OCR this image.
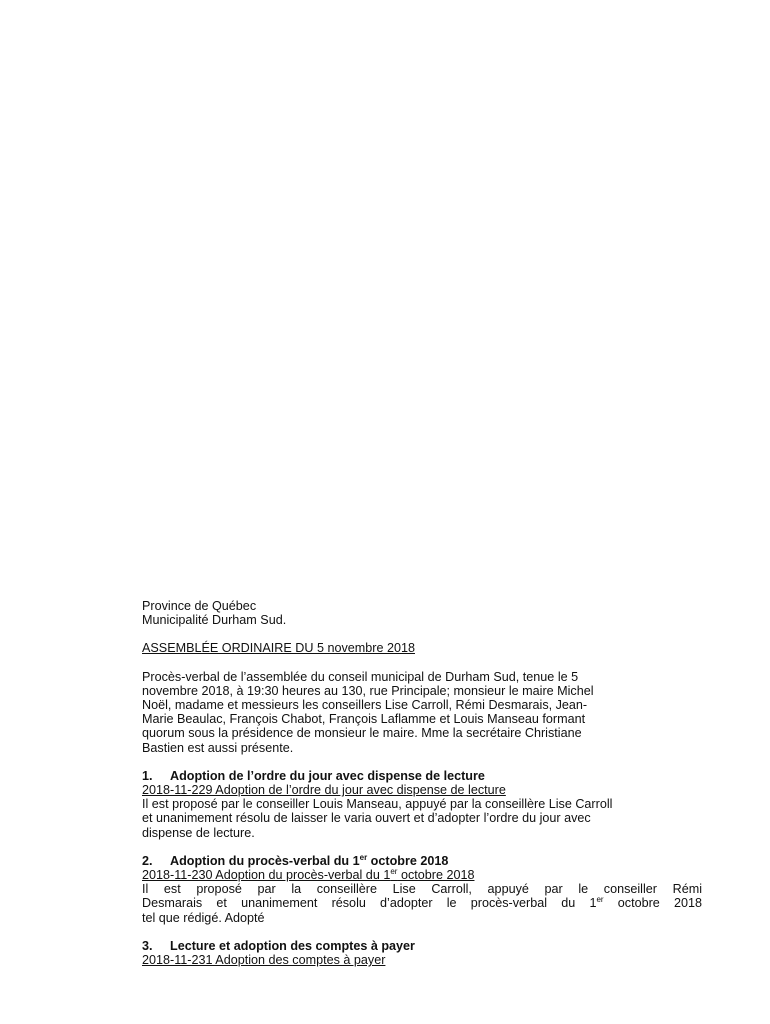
Province de Québec
Municipalité Durham Sud.
ASSEMBLÉE ORDINAIRE DU 5 novembre 2018
Procès-verbal de l’assemblée du conseil municipal de Durham Sud, tenue le 5
novembre 2018, à 19:30 heures au 130, rue Principale; monsieur le maire Michel
Noël, madame et messieurs les conseillers Lise Carroll, Rémi Desmarais, Jean-
Marie Beaulac, François Chabot, François Laflamme et Louis Manseau formant
quorum sous la présidence de monsieur le maire. Mme la secrétaire Christiane
Bastien est aussi présente.
1. Adoption de l’ordre du jour avec dispense de lecture
2018-11-229 Adoption de l’ordre du jour avec dispense de lecture
Il est proposé par le conseiller Louis Manseau, appuyé par la conseillère Lise Carroll
et unanimement résolu de laisser le varia ouvert et d’adopter l’ordre du jour avec
dispense de lecture.
2. Adoption du procès-verbal du 1er octobre 2018
2018-11-230 Adoption du procès-verbal du 1er octobre 2018
Il est proposé par la conseillère Lise Carroll, appuyé par le conseiller Rémi
Desmarais et unanimement résolu d’adopter le procès-verbal du 1er octobre 2018
tel que rédigé. Adopté
3. Lecture et adoption des comptes à payer
2018-11-231 Adoption des comptes à payer
